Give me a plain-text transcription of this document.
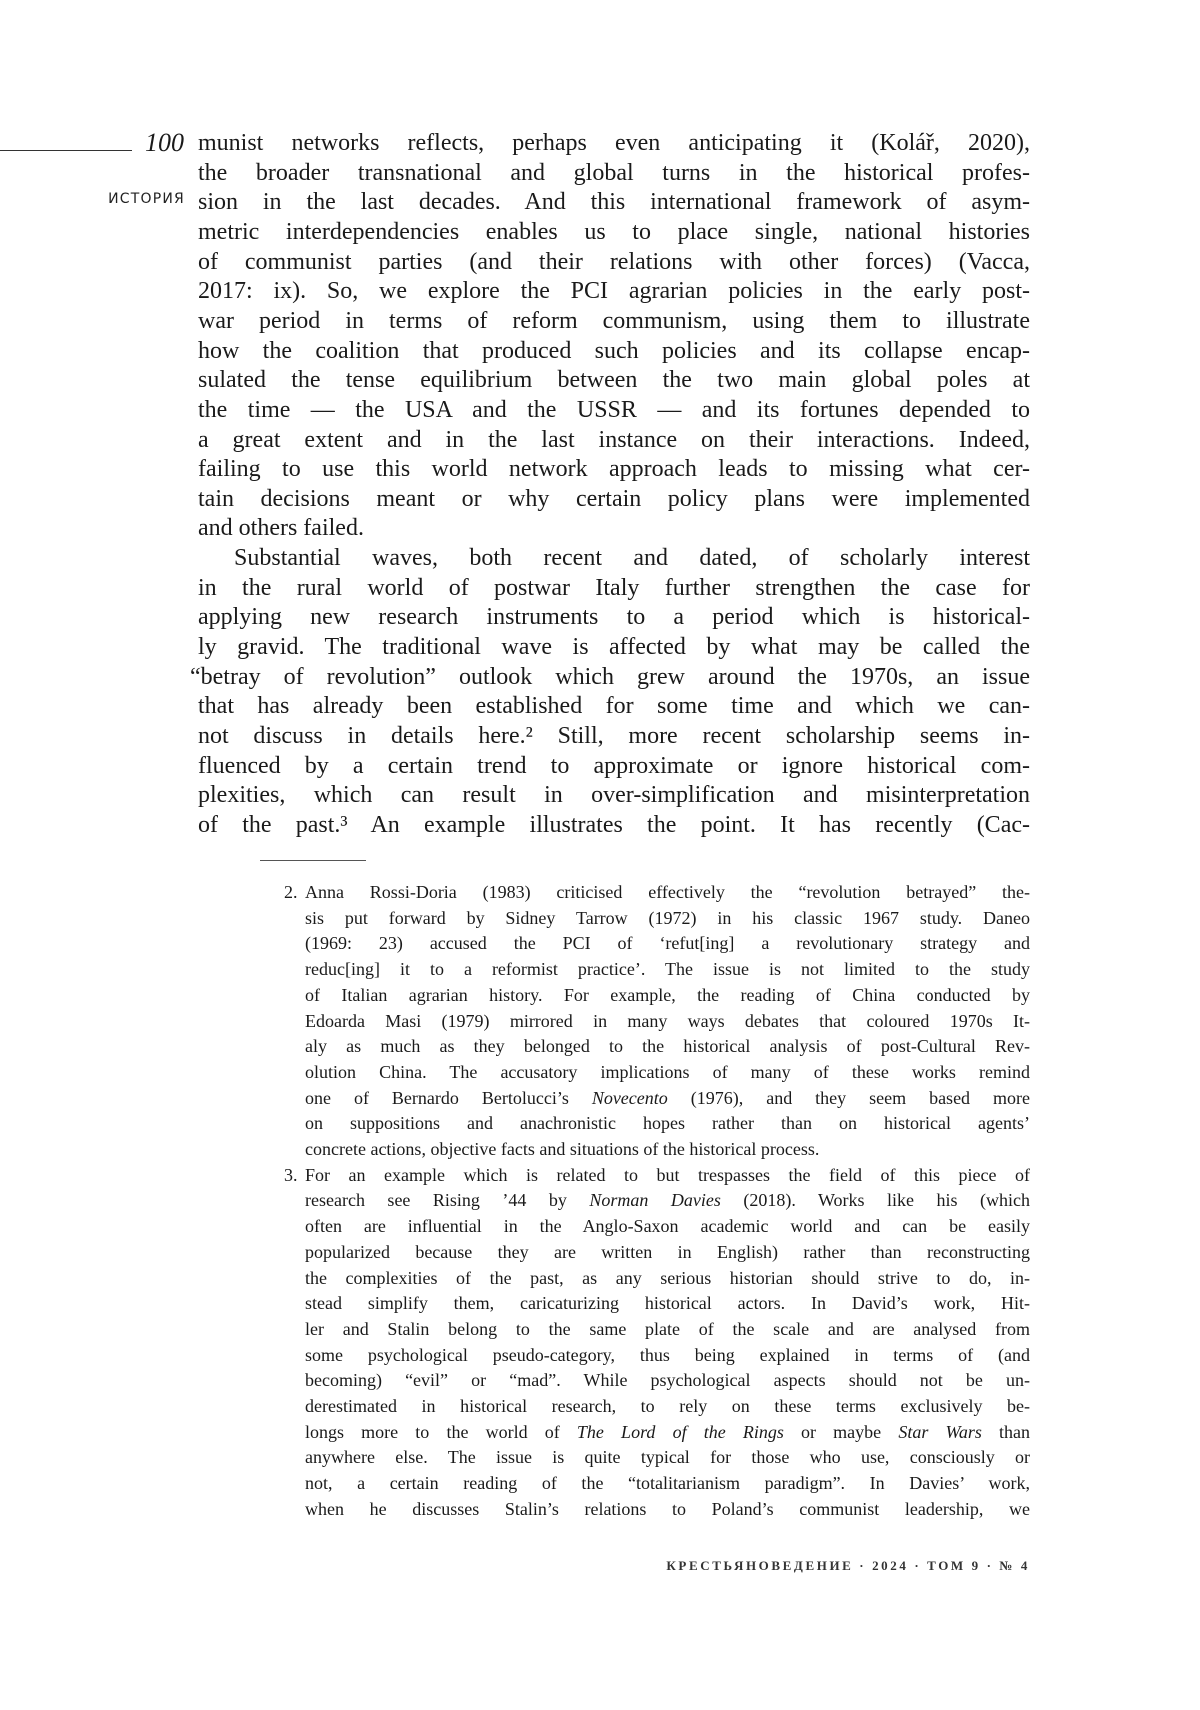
100
ИСТОРИЯ
munist networks reflects, perhaps even anticipating it (Kolář, 2020),
the broader transnational and global turns in the historical profes-
sion in the last decades. And this international framework of asym-
metric interdependencies enables us to place single, national histories
of communist parties (and their relations with other forces) (Vacca,
2017: ix). So, we explore the PCI agrarian policies in the early post-
war period in terms of reform communism, using them to illustrate
how the coalition that produced such policies and its collapse encap-
sulated the tense equilibrium between the two main global poles at
the time — the USA and the USSR — and its fortunes depended to
a great extent and in the last instance on their interactions. Indeed,
failing to use this world network approach leads to missing what cer-
tain decisions meant or why certain policy plans were implemented
and others failed.
Substantial waves, both recent and dated, of scholarly interest
in the rural world of postwar Italy further strengthen the case for
applying new research instruments to a period which is historical-
ly gravid. The traditional wave is affected by what may be called the
“betray of revolution” outlook which grew around the 1970s, an issue
that has already been established for some time and which we can-
not discuss in details here.² Still, more recent scholarship seems in-
fluenced by a certain trend to approximate or ignore historical com-
plexities, which can result in over-simplification and misinterpretation
of the past.³ An example illustrates the point. It has recently (Cac-
2. Anna Rossi-Doria (1983) criticised effectively the “revolution betrayed” the-
sis put forward by Sidney Tarrow (1972) in his classic 1967 study. Daneo
(1969: 23) accused the PCI of ‘refut[ing] a revolutionary strategy and
reduc[ing] it to a reformist practice’. The issue is not limited to the study
of Italian agrarian history. For example, the reading of China conducted by
Edoarda Masi (1979) mirrored in many ways debates that coloured 1970s It-
aly as much as they belonged to the historical analysis of post-Cultural Rev-
olution China. The accusatory implications of many of these works remind
one of Bernardo Bertolucci’s Novecento (1976), and they seem based more
on suppositions and anachronistic hopes rather than on historical agents’
concrete actions, objective facts and situations of the historical process.
3. For an example which is related to but trespasses the field of this piece of
research see Rising ’44 by Norman Davies (2018). Works like his (which
often are influential in the Anglo-Saxon academic world and can be easily
popularized because they are written in English) rather than reconstructing
the complexities of the past, as any serious historian should strive to do, in-
stead simplify them, caricaturizing historical actors. In David’s work, Hit-
ler and Stalin belong to the same plate of the scale and are analysed from
some psychological pseudo-category, thus being explained in terms of (and
becoming) “evil” or “mad”. While psychological aspects should not be un-
derestimated in historical research, to rely on these terms exclusively be-
longs more to the world of The Lord of the Rings or maybe Star Wars than
anywhere else. The issue is quite typical for those who use, consciously or
not, a certain reading of the “totalitarianism paradigm”. In Davies’ work,
when he discusses Stalin’s relations to Poland’s communist leadership, we
КРЕСТЬЯНОВЕДЕНИЕ · 2024 · ТОМ 9 · № 4
